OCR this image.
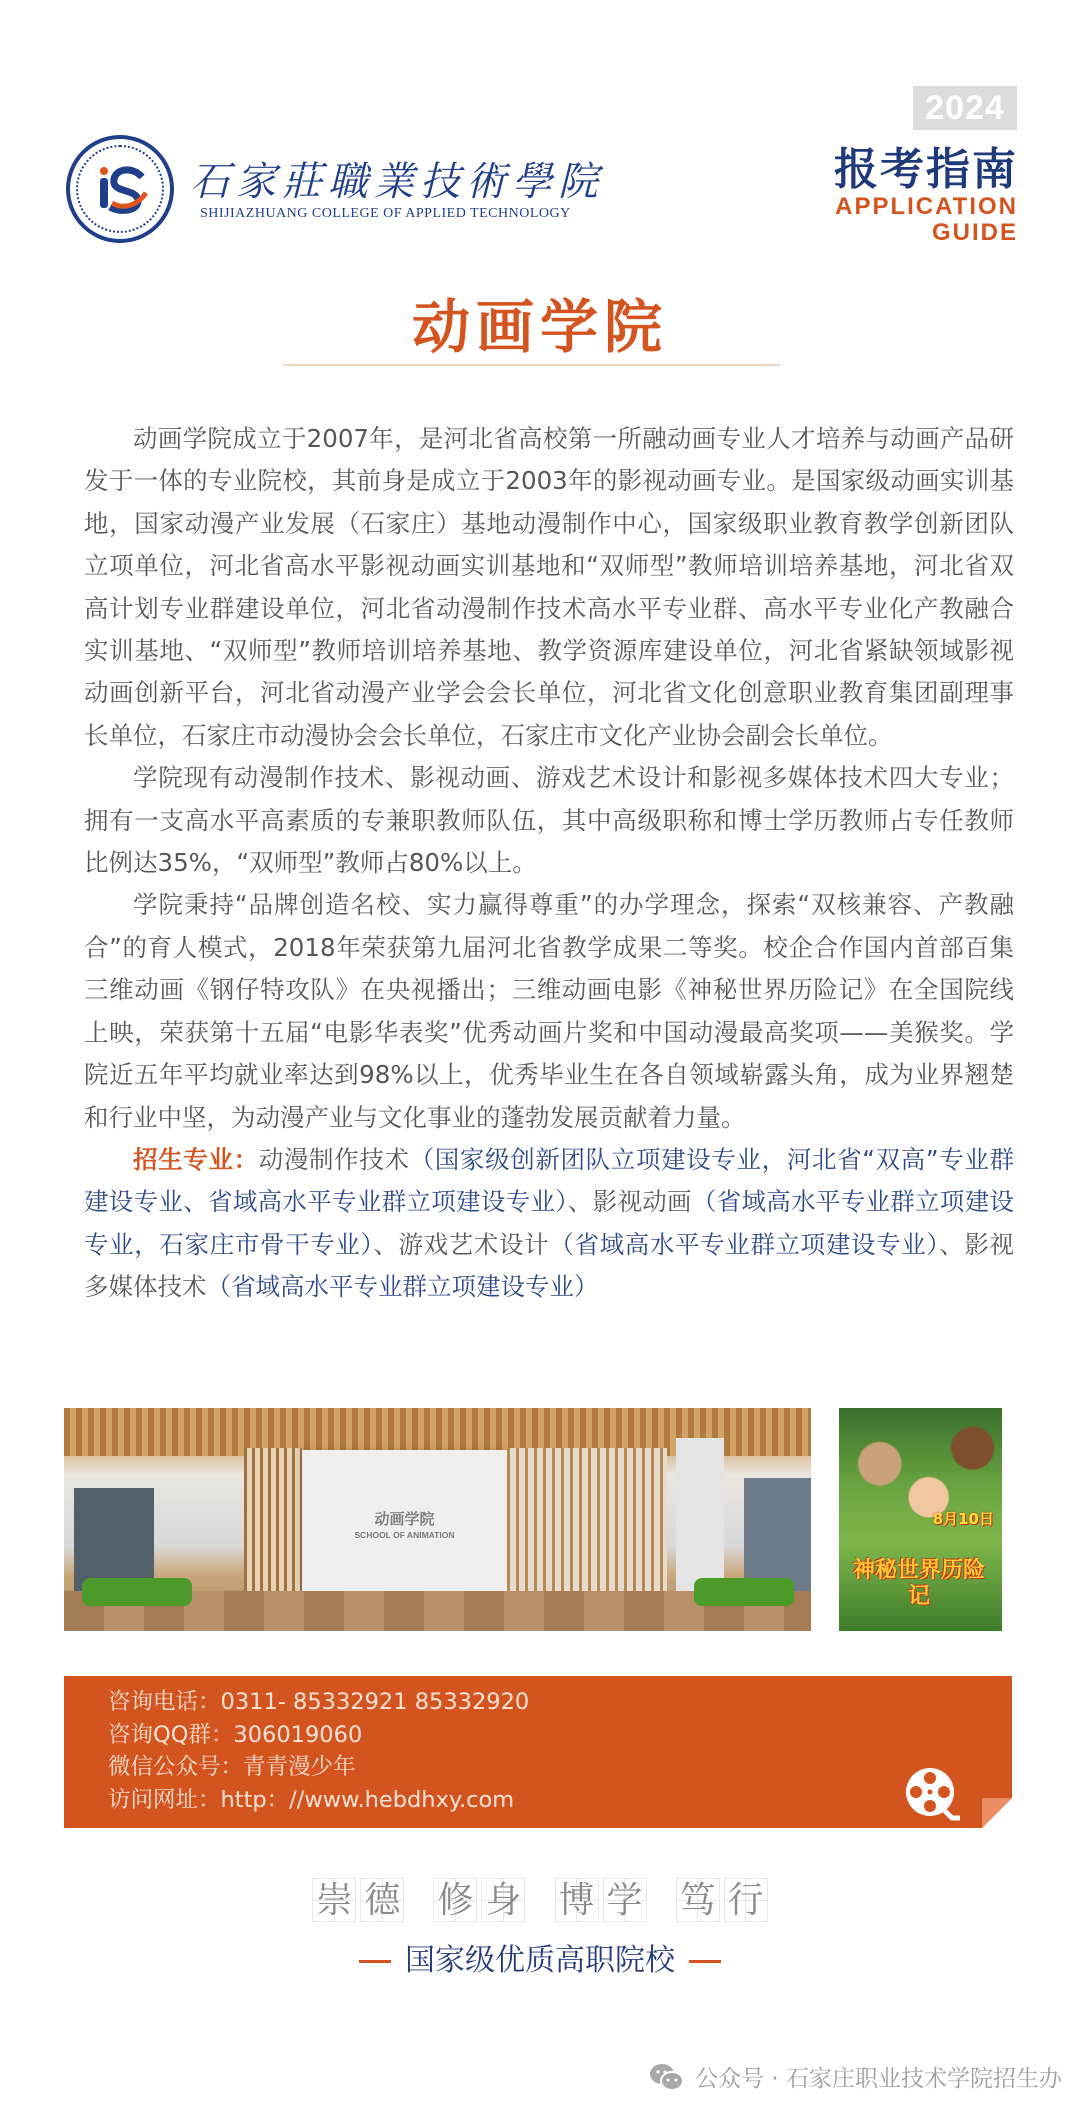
石家莊職業技術學院
SHIJIAZHUANG COLLEGE OF APPLIED TECHNOLOGY
2024
报考指南
APPLICATION
GUIDE
动画学院

动画学院成立于2007年，是河北省高校第一所融动画专业人才培养与动画产品研发于一体的专业院校，其前身是成立于2003年的影视动画专业。是国家级动画实训基地，国家动漫产业发展（石家庄）基地动漫制作中心，国家级职业教育教学创新团队立项单位，河北省高水平影视动画实训基地和“双师型”教师培训培养基地，河北省双高计划专业群建设单位，河北省动漫制作技术高水平专业群、高水平专业化产教融合实训基地、“双师型”教师培训培养基地、教学资源库建设单位，河北省紧缺领域影视动画创新平台，河北省动漫产业学会会长单位，河北省文化创意职业教育集团副理事长单位，石家庄市动漫协会会长单位，石家庄市文化产业协会副会长单位。

学院现有动漫制作技术、影视动画、游戏艺术设计和影视多媒体技术四大专业；拥有一支高水平高素质的专兼职教师队伍，其中高级职称和博士学历教师占专任教师比例达35%，“双师型”教师占80%以上。

学院秉持“品牌创造名校、实力赢得尊重”的办学理念，探索“双核兼容、产教融合”的育人模式，2018年荣获第九届河北省教学成果二等奖。校企合作国内首部百集三维动画《钢仔特攻队》在央视播出；三维动画电影《神秘世界历险记》在全国院线上映，荣获第十五届“电影华表奖”优秀动画片奖和中国动漫最高奖项——美猴奖。学院近五年平均就业率达到98%以上，优秀毕业生在各自领域崭露头角，成为业界翘楚和行业中坚，为动漫产业与文化事业的蓬勃发展贡献着力量。

招生专业：动漫制作技术（国家级创新团队立项建设专业，河北省“双高”专业群建设专业、省域高水平专业群立项建设专业）、影视动画（省域高水平专业群立项建设专业，石家庄市骨干专业）、游戏艺术设计（省域高水平专业群立项建设专业）、影视多媒体技术（省域高水平专业群立项建设专业）

动画学院
SCHOOL OF ANIMATION
8月10日
神秘世界历险记
咨询电话：0311- 85332921 85332920
咨询QQ群：306019060
微信公众号：青青漫少年
访问网址：http：//www.hebdhxy.com
崇 德 修 身 博 学 笃 行
国家级优质高职院校
公众号 · 石家庄职业技术学院招生办
